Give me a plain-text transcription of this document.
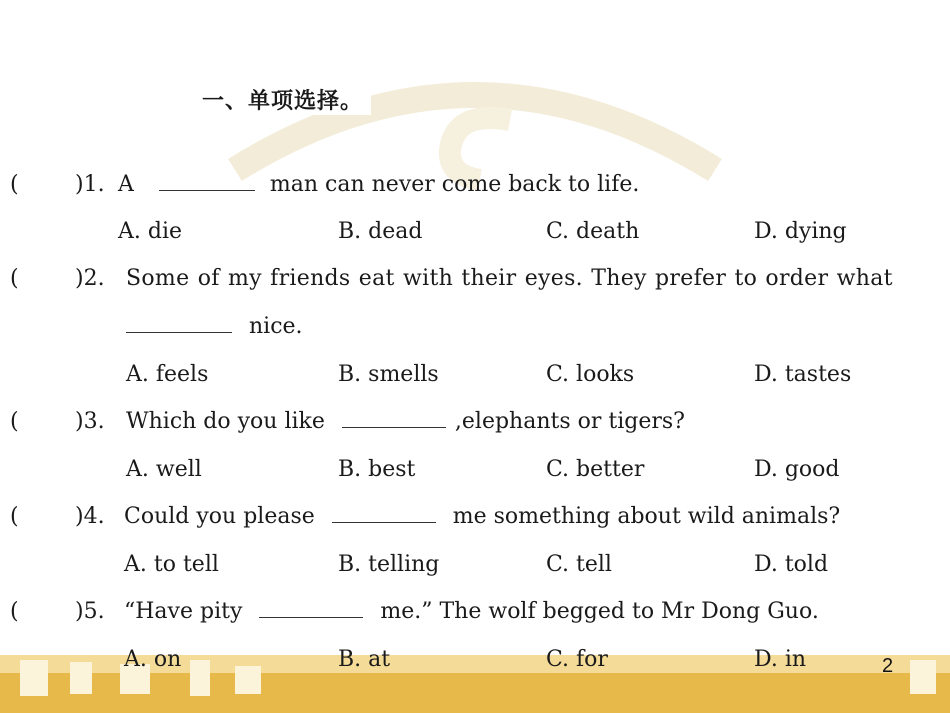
一、单项选择。
(	)1. A	man can never come back to life.
A. die	B. dead	C. death	D. dying
(	)2. Some of my friends eat with their eyes. They prefer to order what
nice.
A. feels	B. smells	C. looks	D. tastes
(	)3. Which do you like	,elephants or tigers?
A. well	B. best	C. better	D. good
(	)4. Could you please	me something about wild animals?
A. to tell	B. telling	C. tell	D. told
(	)5. “Have pity	me.” The wolf begged to Mr Dong Guo.
A. on	B. at	C. for	D. in	2
